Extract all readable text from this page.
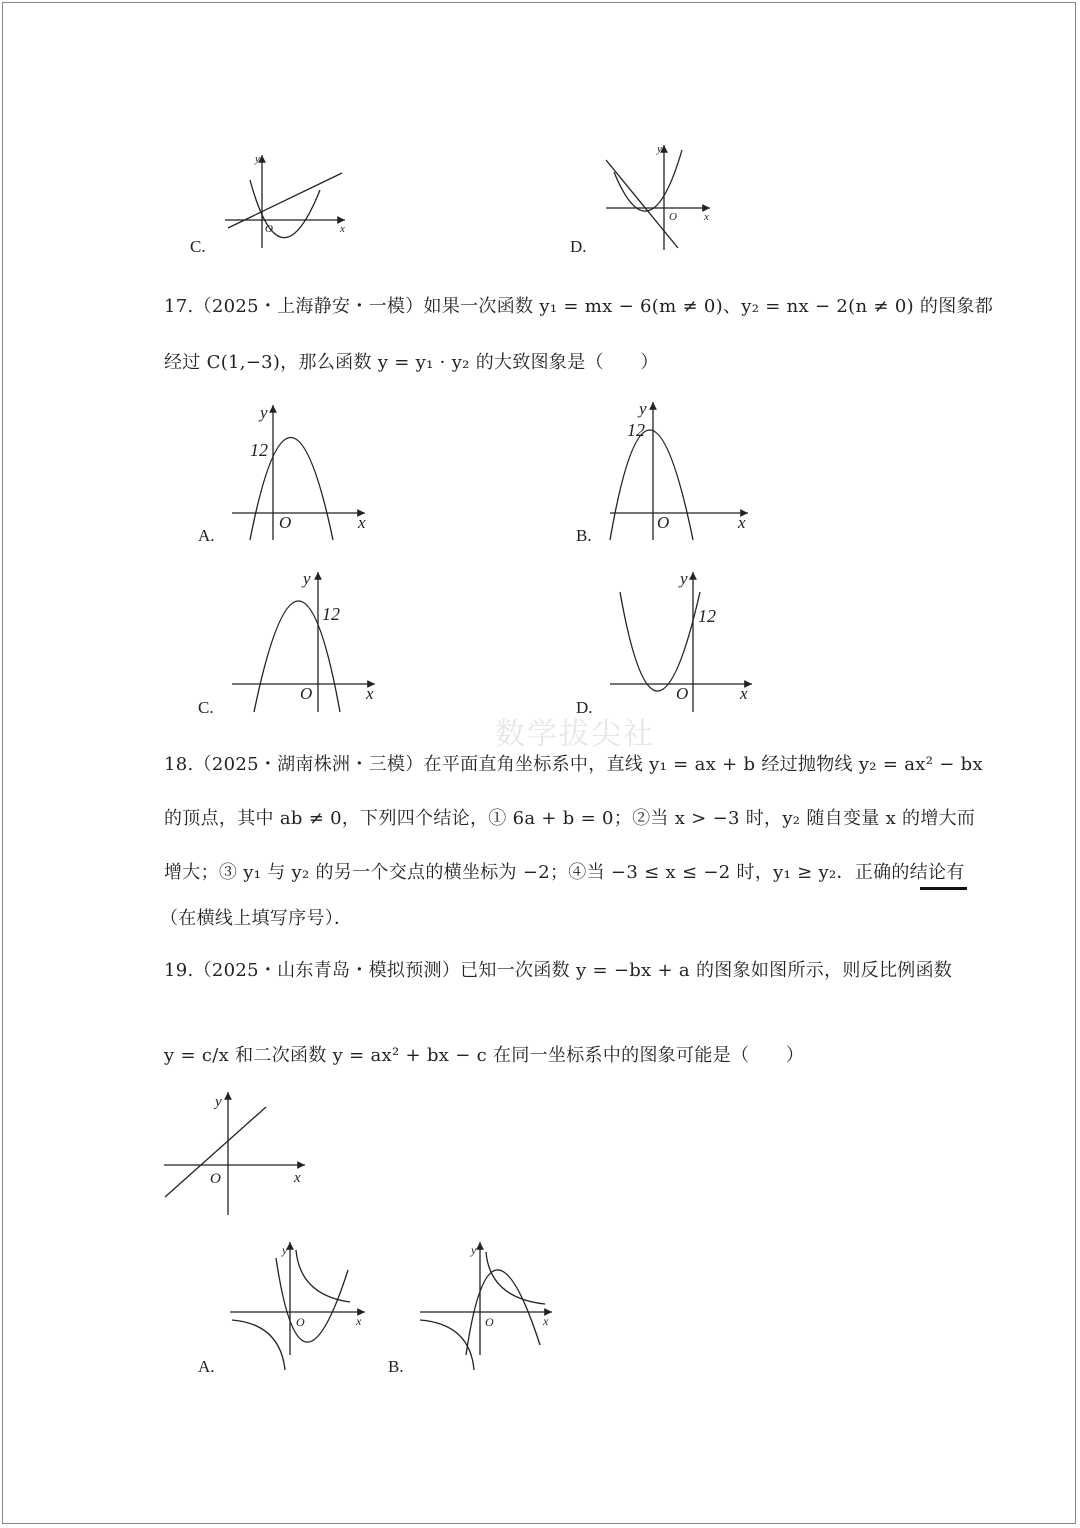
数学拔尖社
C.	D.
17.（2025・上海静安・一模）如果一次函数 y₁ = mx − 6(m ≠ 0)、y₂ = nx − 2(n ≠ 0) 的图象都
经过 C(1,−3)，那么函数 y = y₁ · y₂ 的大致图象是（　　）
A.	B.
C.	D.
18.（2025・湖南株洲・三模）在平面直角坐标系中，直线 y₁ = ax + b 经过抛物线 y₂ = ax² − bx
的顶点，其中 ab ≠ 0，下列四个结论，① 6a + b = 0；②当 x > −3 时，y₂ 随自变量 x 的增大而
增大；③ y₁ 与 y₂ 的另一个交点的横坐标为 −2；④当 −3 ≤ x ≤ −2 时，y₁ ≥ y₂．正确的结论有
（在横线上填写序号）．
19.（2025・山东青岛・模拟预测）已知一次函数 y = −bx + a 的图象如图所示，则反比例函数
y = c/x 和二次函数 y = ax² + bx − c 在同一坐标系中的图象可能是（　　）
A.	B.
x
y
O
x
y
O
x
y
O
12
x
y
O
12
x
y
O
12
x
y
O
12
x
y
O
x
y
O	x
y
O
